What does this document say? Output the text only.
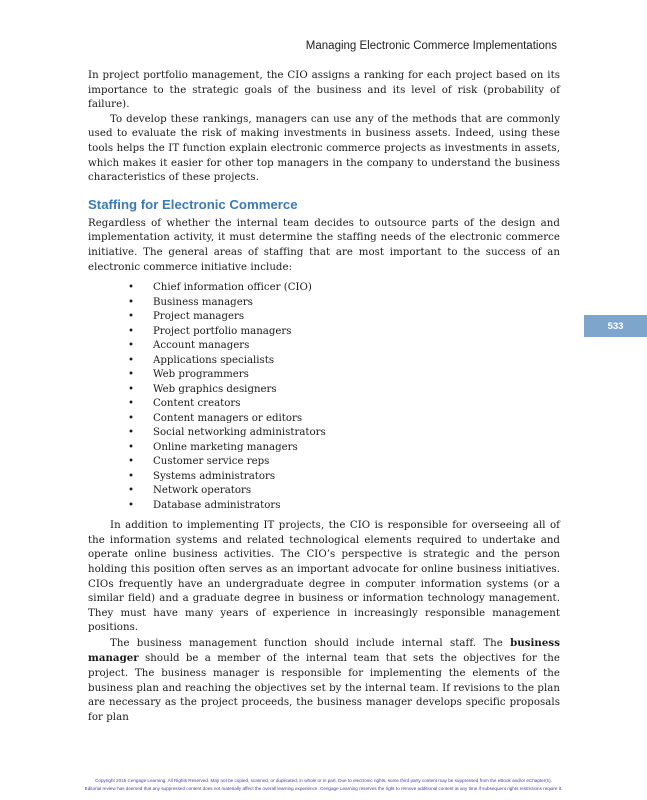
Managing Electronic Commerce Implementations
533

In project portfolio management, the CIO assigns a ranking for each project based on its importance to the strategic goals of the business and its level of risk (probability of failure).

To develop these rankings, managers can use any of the methods that are commonly used to evaluate the risk of making investments in business assets. Indeed, using these tools helps the IT function explain electronic commerce projects as investments in assets, which makes it easier for other top managers in the company to understand the business characteristics of these projects.

Staffing for Electronic Commerce

Regardless of whether the internal team decides to outsource parts of the design and implementation activity, it must determine the staffing needs of the electronic commerce initiative. The general areas of staffing that are most important to the success of an electronic commerce initiative include:

• Chief information officer (CIO)
• Business managers
• Project managers
• Project portfolio managers
• Account managers
• Applications specialists
• Web programmers
• Web graphics designers
• Content creators
• Content managers or editors
• Social networking administrators
• Online marketing managers
• Customer service reps
• Systems administrators
• Network operators
• Database administrators

In addition to implementing IT projects, the CIO is responsible for overseeing all of the information systems and related technological elements required to undertake and operate online business activities. The CIO’s perspective is strategic and the person holding this position often serves as an important advocate for online business initiatives. CIOs frequently have an undergraduate degree in computer information systems (or a similar field) and a graduate degree in business or information technology management. They must have many years of experience in increasingly responsible management positions.

The business management function should include internal staff. The business manager should be a member of the internal team that sets the objectives for the project. The business manager is responsible for implementing the elements of the business plan and reaching the objectives set by the internal team. If revisions to the plan are necessary as the project proceeds, the business manager develops specific proposals for plan

Copyright 2015 Cengage Learning. All Rights Reserved. May not be copied, scanned, or duplicated, in whole or in part. Due to electronic rights, some third party content may be suppressed from the eBook and/or eChapter(s).
Editorial review has deemed that any suppressed content does not materially affect the overall learning experience. Cengage Learning reserves the right to remove additional content at any time if subsequent rights restrictions require it.
